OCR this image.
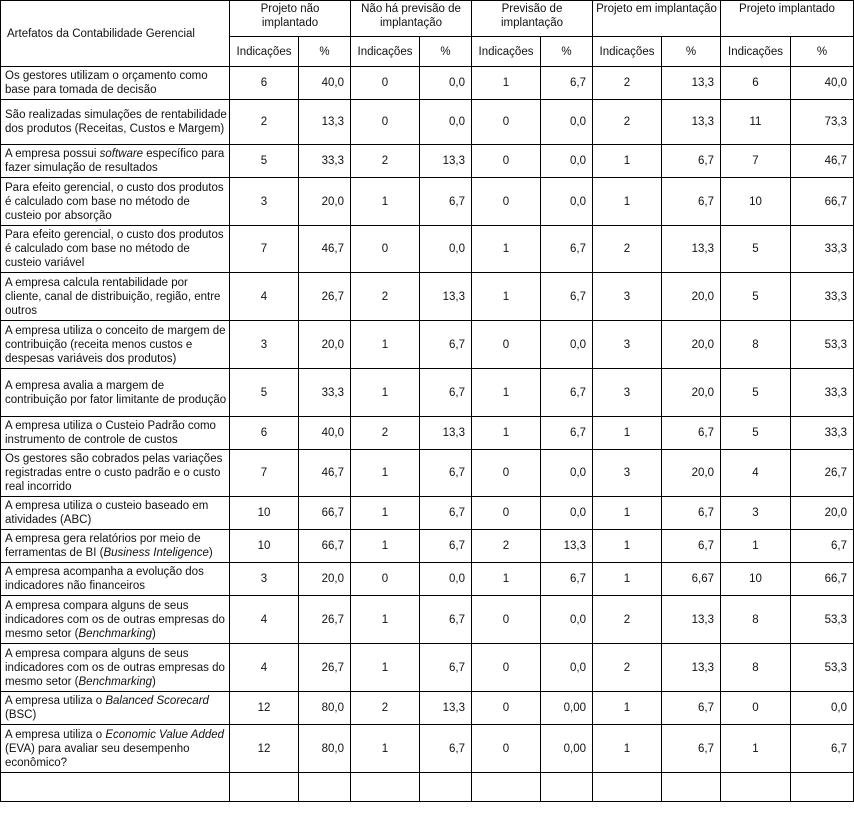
Artefatos da Contabilidade Gerencial	Projeto não implantado		Não há previsão de implantação		Previsão de implantação		Projeto em implantação		Projeto implantado	
	Indicações	%	Indicações	%	Indicações	%	Indicações	%	Indicações	%
Os gestores utilizam o orçamento como base para tomada de decisão	6	40,0	0	0,0	1	6,7	2	13,3	6	40,0
São realizadas simulações de rentabilidade dos produtos (Receitas, Custos e Margem)	2	13,3	0	0,0	0	0,0	2	13,3	11	73,3
A empresa possui software específico para fazer simulação de resultados	5	33,3	2	13,3	0	0,0	1	6,7	7	46,7
Para efeito gerencial, o custo dos produtos é calculado com base no método de custeio por absorção	3	20,0	1	6,7	0	0,0	1	6,7	10	66,7
Para efeito gerencial, o custo dos produtos é calculado com base no método de custeio variável	7	46,7	0	0,0	1	6,7	2	13,3	5	33,3
A empresa calcula rentabilidade por cliente, canal de distribuição, região, entre outros	4	26,7	2	13,3	1	6,7	3	20,0	5	33,3
A empresa utiliza o conceito de margem de contribuição (receita menos custos e despesas variáveis dos produtos)	3	20,0	1	6,7	0	0,0	3	20,0	8	53,3
A empresa avalia a margem de contribuição por fator limitante de produção	5	33,3	1	6,7	1	6,7	3	20,0	5	33,3
A empresa utiliza o Custeio Padrão como instrumento de controle de custos	6	40,0	2	13,3	1	6,7	1	6,7	5	33,3
Os gestores são cobrados pelas variações registradas entre o custo padrão e o custo real incorrido	7	46,7	1	6,7	0	0,0	3	20,0	4	26,7
A empresa utiliza o custeio baseado em atividades (ABC)	10	66,7	1	6,7	0	0,0	1	6,7	3	20,0
A empresa gera relatórios por meio de ferramentas de BI (Business Inteligence)	10	66,7	1	6,7	2	13,3	1	6,7	1	6,7
A empresa acompanha a evolução dos indicadores não financeiros	3	20,0	0	0,0	1	6,7	1	6,67	10	66,7
A empresa compara alguns de seus indicadores com os de outras empresas do mesmo setor (Benchmarking)	4	26,7	1	6,7	0	0,0	2	13,3	8	53,3
A empresa compara alguns de seus indicadores com os de outras empresas do mesmo setor (Benchmarking)	4	26,7	1	6,7	0	0,0	2	13,3	8	53,3
A empresa utiliza o Balanced Scorecard (BSC)	12	80,0	2	13,3	0	0,00	1	6,7	0	0,0
A empresa utiliza o Economic Value Added (EVA) para avaliar seu desempenho econômico?	12	80,0	1	6,7	0	0,00	1	6,7	1	6,7
